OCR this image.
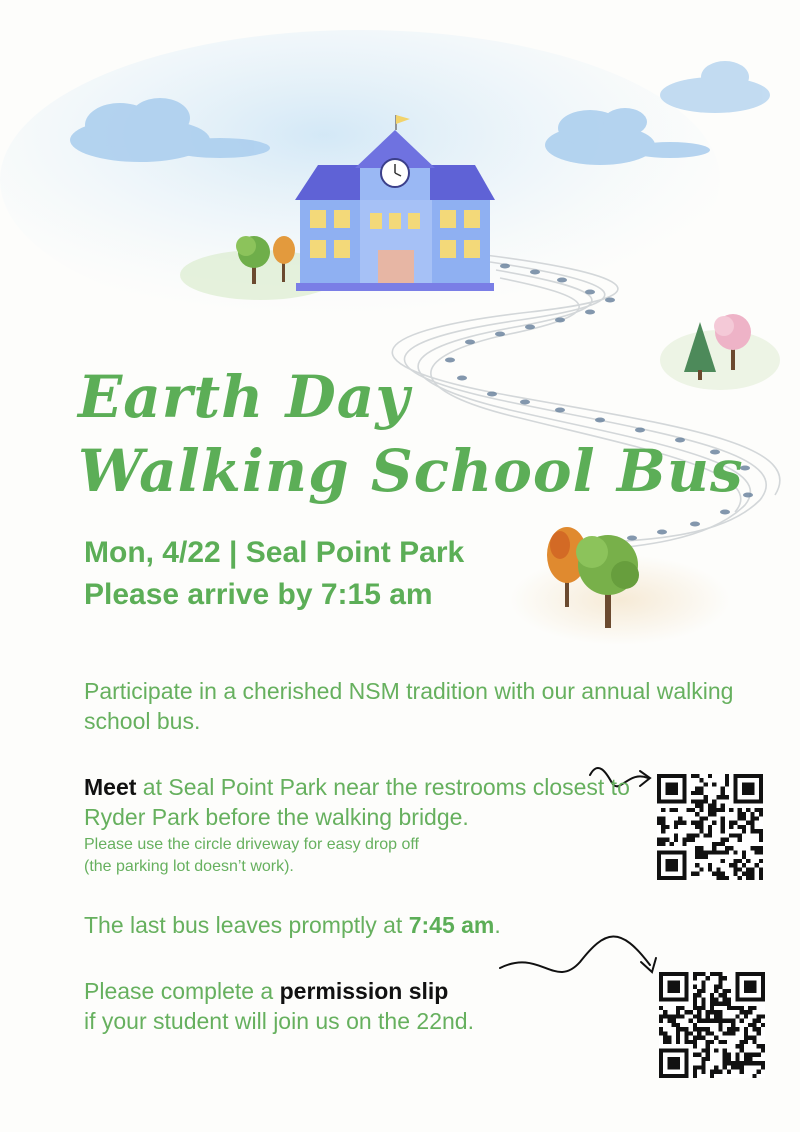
Earth Day
Walking School Bus
Mon, 4/22 | Seal Point Park
Please arrive by 7:15 am
Participate in a cherished NSM tradition with our annual walking school bus.
Meet at Seal Point Park near the restrooms closest to Ryder Park before the walking bridge.
Please use the circle driveway for easy drop off
(the parking lot doesn’t work).
The last bus leaves promptly at 7:45 am.
Please complete a permission slip
if your student will join us on the 22nd.
